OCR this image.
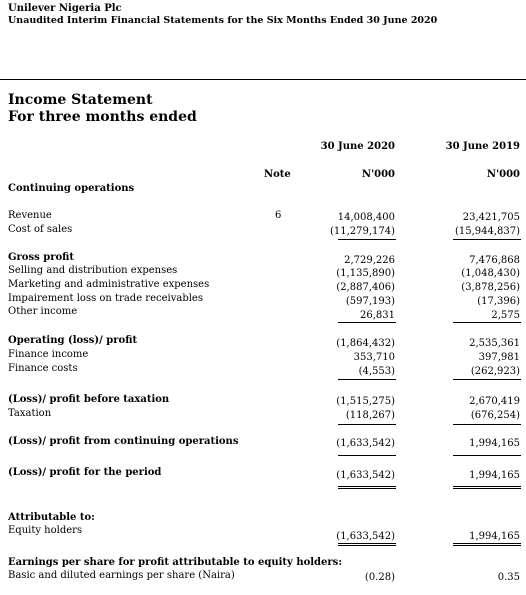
Unilever Nigeria Plc
Unaudited Interim Financial Statements for the Six Months Ended 30 June 2020
Income Statement
For three months ended
30 June 2020	30 June 2019
Note	N'000	N'000
Continuing operations
Revenue	6	14,008,400	23,421,705
Cost of sales	(11,279,174)	(15,944,837)
Gross profit	2,729,226	7,476,868
Selling and distribution expenses	(1,135,890)	(1,048,430)
Marketing and administrative expenses	(2,887,406)	(3,878,256)
Impairement loss on trade receivables	(597,193)	(17,396)
Other income	26,831	2,575
Operating (loss)/ profit	(1,864,432)	2,535,361
Finance income	353,710	397,981
Finance costs	(4,553)	(262,923)
(Loss)/ profit before taxation	(1,515,275)	2,670,419
Taxation	(118,267)	(676,254)
(Loss)/ profit from continuing operations	(1,633,542)	1,994,165
(Loss)/ profit for the period	(1,633,542)	1,994,165
Attributable to:
Equity holders
(1,633,542)	1,994,165
Earnings per share for profit attributable to equity holders:
Basic and diluted earnings per share (Naira)	(0.28)	0.35
